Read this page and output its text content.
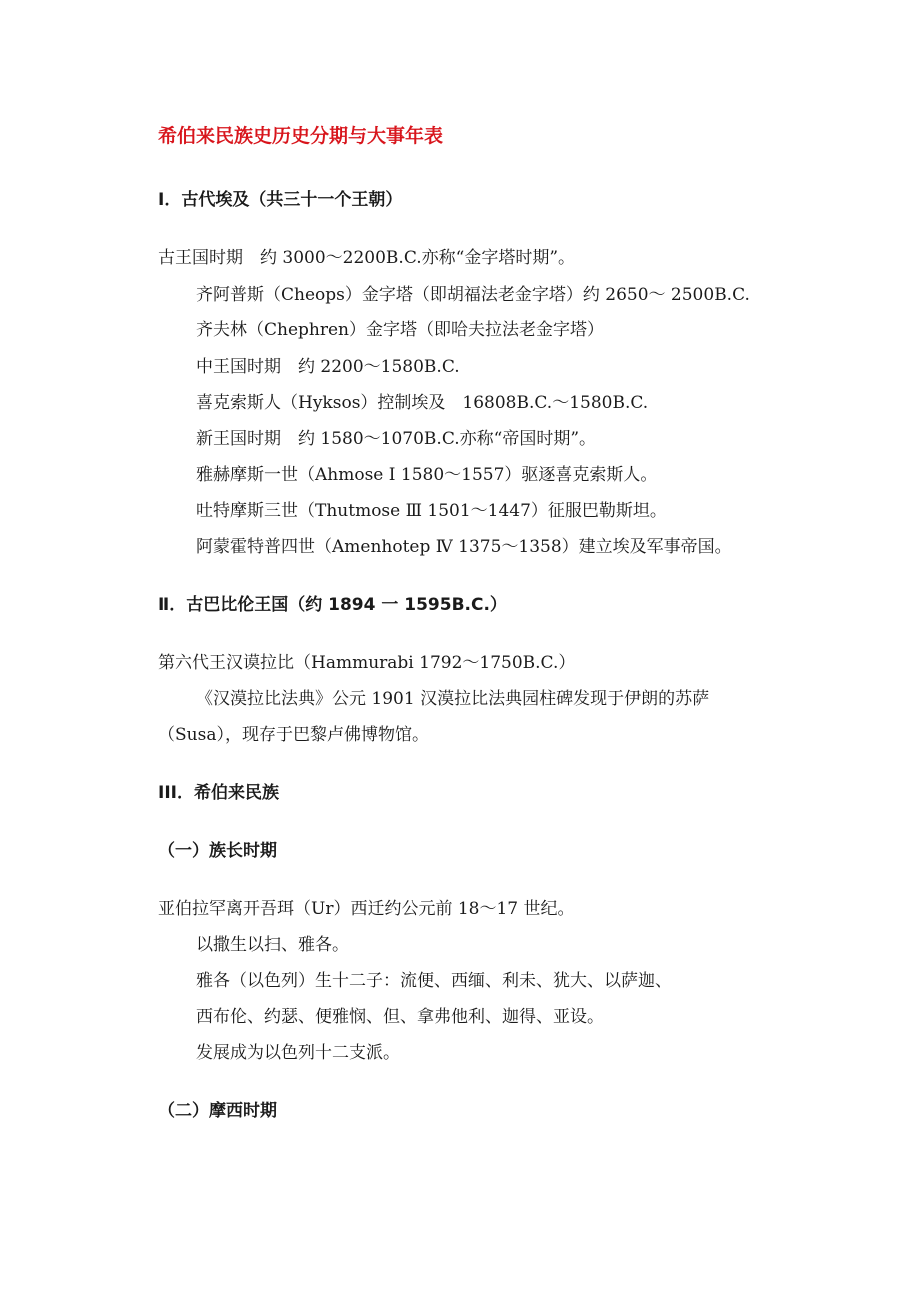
希伯来民族史历史分期与大事年表
Ⅰ．古代埃及（共三十一个王朝）
古王国时期　约 3000～2200B.C.亦称“金字塔时期”。
齐阿普斯（Cheops）金字塔（即胡福法老金字塔）约 2650～ 2500B.C.
齐夫林（Chephren）金字塔（即哈夫拉法老金字塔）
中王国时期　约 2200～1580B.C.
喜克索斯人（Hyksos）控制埃及　16808B.C.～1580B.C.
新王国时期　约 1580～1070B.C.亦称“帝国时期”。
雅赫摩斯一世（Ahmose Ⅰ 1580～1557）驱逐喜克索斯人。
吐特摩斯三世（Thutmose Ⅲ 1501～1447）征服巴勒斯坦。
阿蒙霍特普四世（Amenhotep Ⅳ 1375～1358）建立埃及军事帝国。
Ⅱ．古巴比伦王国（约 1894 一 1595B.C.）
第六代王汉谟拉比（Hammurabi 1792～1750B.C.）
《汉漠拉比法典》公元 1901 汉漠拉比法典园柱碑发现于伊朗的苏萨
（Susa），现存于巴黎卢佛博物馆。
III．希伯来民族
（一）族长时期
亚伯拉罕离开吾珥（Ur）西迁约公元前 18～17 世纪。
以撒生以扫、雅各。
雅各（以色列）生十二子：流便、西缅、利未、犹大、以萨迦、
西布伦、约瑟、便雅悯、但、拿弗他利、迦得、亚设。
发展成为以色列十二支派。
（二）摩西时期
